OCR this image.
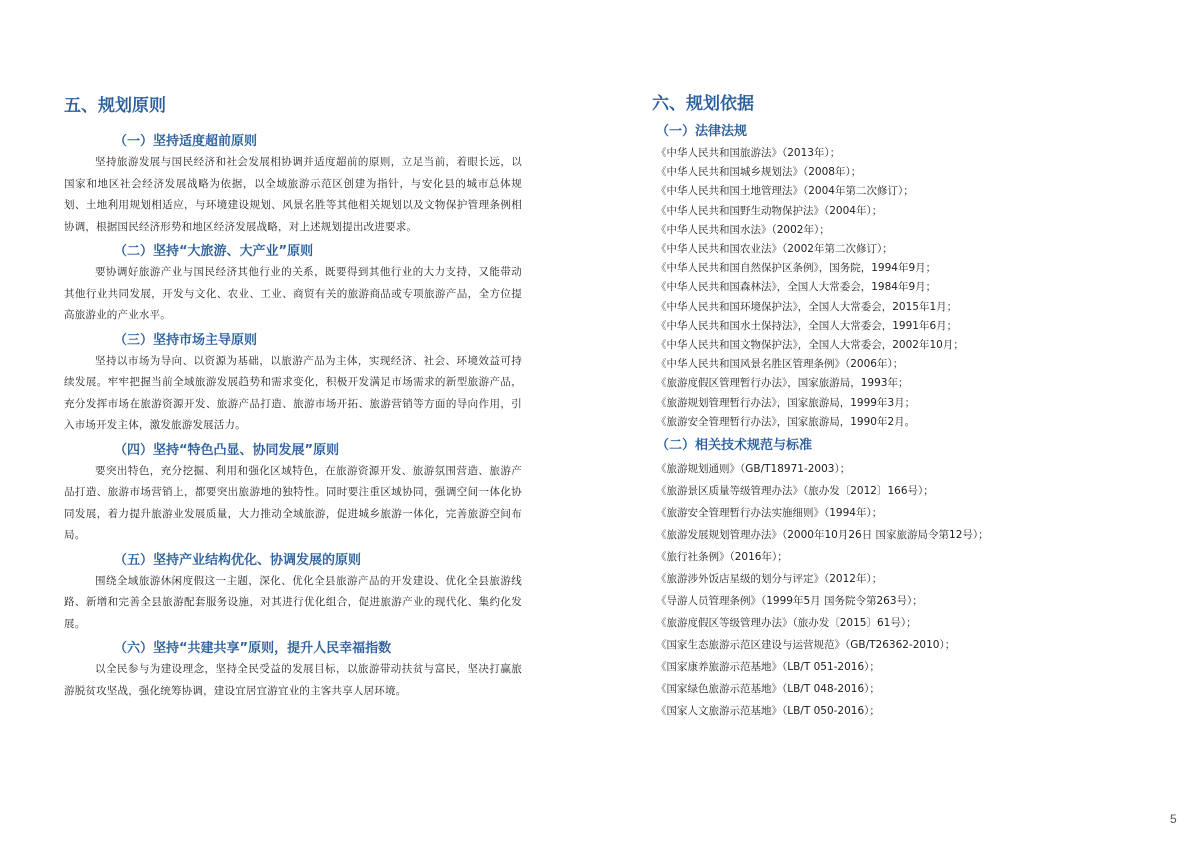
五、规划原则
（一）坚持适度超前原则

坚持旅游发展与国民经济和社会发展相协调并适度超前的原则，立足当前，着眼长远，以国家和地区社会经济发展战略为依据，以全域旅游示范区创建为指针，与安化县的城市总体规划、土地利用规划相适应，与环境建设规划、风景名胜等其他相关规划以及文物保护管理条例相协调，根据国民经济形势和地区经济发展战略，对上述规划提出改进要求。

（二）坚持“大旅游、大产业”原则

要协调好旅游产业与国民经济其他行业的关系，既要得到其他行业的大力支持，又能带动其他行业共同发展，开发与文化、农业、工业、商贸有关的旅游商品或专项旅游产品，全方位提高旅游业的产业水平。

（三）坚持市场主导原则

坚持以市场为导向、以资源为基础，以旅游产品为主体，实现经济、社会、环境效益可持续发展。牢牢把握当前全域旅游发展趋势和需求变化，积极开发满足市场需求的新型旅游产品，充分发挥市场在旅游资源开发、旅游产品打造、旅游市场开拓、旅游营销等方面的导向作用，引入市场开发主体，激发旅游发展活力。

（四）坚持“特色凸显、协同发展”原则

要突出特色，充分挖掘、利用和强化区域特色，在旅游资源开发、旅游氛围营造、旅游产品打造、旅游市场营销上，都要突出旅游地的独特性。同时要注重区域协同，强调空间一体化协同发展，着力提升旅游业发展质量，大力推动全域旅游，促进城乡旅游一体化，完善旅游空间布局。

（五）坚持产业结构优化、协调发展的原则

围绕全域旅游休闲度假这一主题，深化、优化全县旅游产品的开发建设、优化全县旅游线路、新增和完善全县旅游配套服务设施，对其进行优化组合，促进旅游产业的现代化、集约化发展。

（六）坚持“共建共享”原则，提升人民幸福指数

以全民参与为建设理念，坚持全民受益的发展目标，以旅游带动扶贫与富民，坚决打赢旅游脱贫攻坚战，强化统筹协调，建设宜居宜游宜业的主客共享人居环境。

六、规划依据
（一）法律法规
《中华人民共和国旅游法》（2013年）；
《中华人民共和国城乡规划法》（2008年）；
《中华人民共和国土地管理法》（2004年第二次修订）；
《中华人民共和国野生动物保护法》（2004年）；
《中华人民共和国水法》（2002年）；
《中华人民共和国农业法》（2002年第二次修订）；
《中华人民共和国自然保护区条例》，国务院，1994年9月；
《中华人民共和国森林法》，全国人大常委会，1984年9月；
《中华人民共和国环境保护法》，全国人大常委会，2015年1月；
《中华人民共和国水土保持法》，全国人大常委会，1991年6月；
《中华人民共和国文物保护法》，全国人大常委会，2002年10月；
《中华人民共和国风景名胜区管理条例》（2006年）；
《旅游度假区管理暂行办法》，国家旅游局，1993年；
《旅游规划管理暂行办法》，国家旅游局，1999年3月；
《旅游安全管理暂行办法》，国家旅游局，1990年2月。
（二）相关技术规范与标准
《旅游规划通则》（GB/T18971-2003）；
《旅游景区质量等级管理办法》（旅办发〔2012〕166号）；
《旅游安全管理暂行办法实施细则》（1994年）；
《旅游发展规划管理办法》（2000年10月26日 国家旅游局令第12号）；
《旅行社条例》（2016年）；
《旅游涉外饭店星级的划分与评定》（2012年）；
《导游人员管理条例》（1999年5月 国务院令第263号）；
《旅游度假区等级管理办法》（旅办发〔2015〕61号）；
《国家生态旅游示范区建设与运营规范》（GB/T26362-2010）；
《国家康养旅游示范基地》（LB/T 051-2016）；
《国家绿色旅游示范基地》（LB/T 048-2016）；
《国家人文旅游示范基地》（LB/T 050-2016）；
5
